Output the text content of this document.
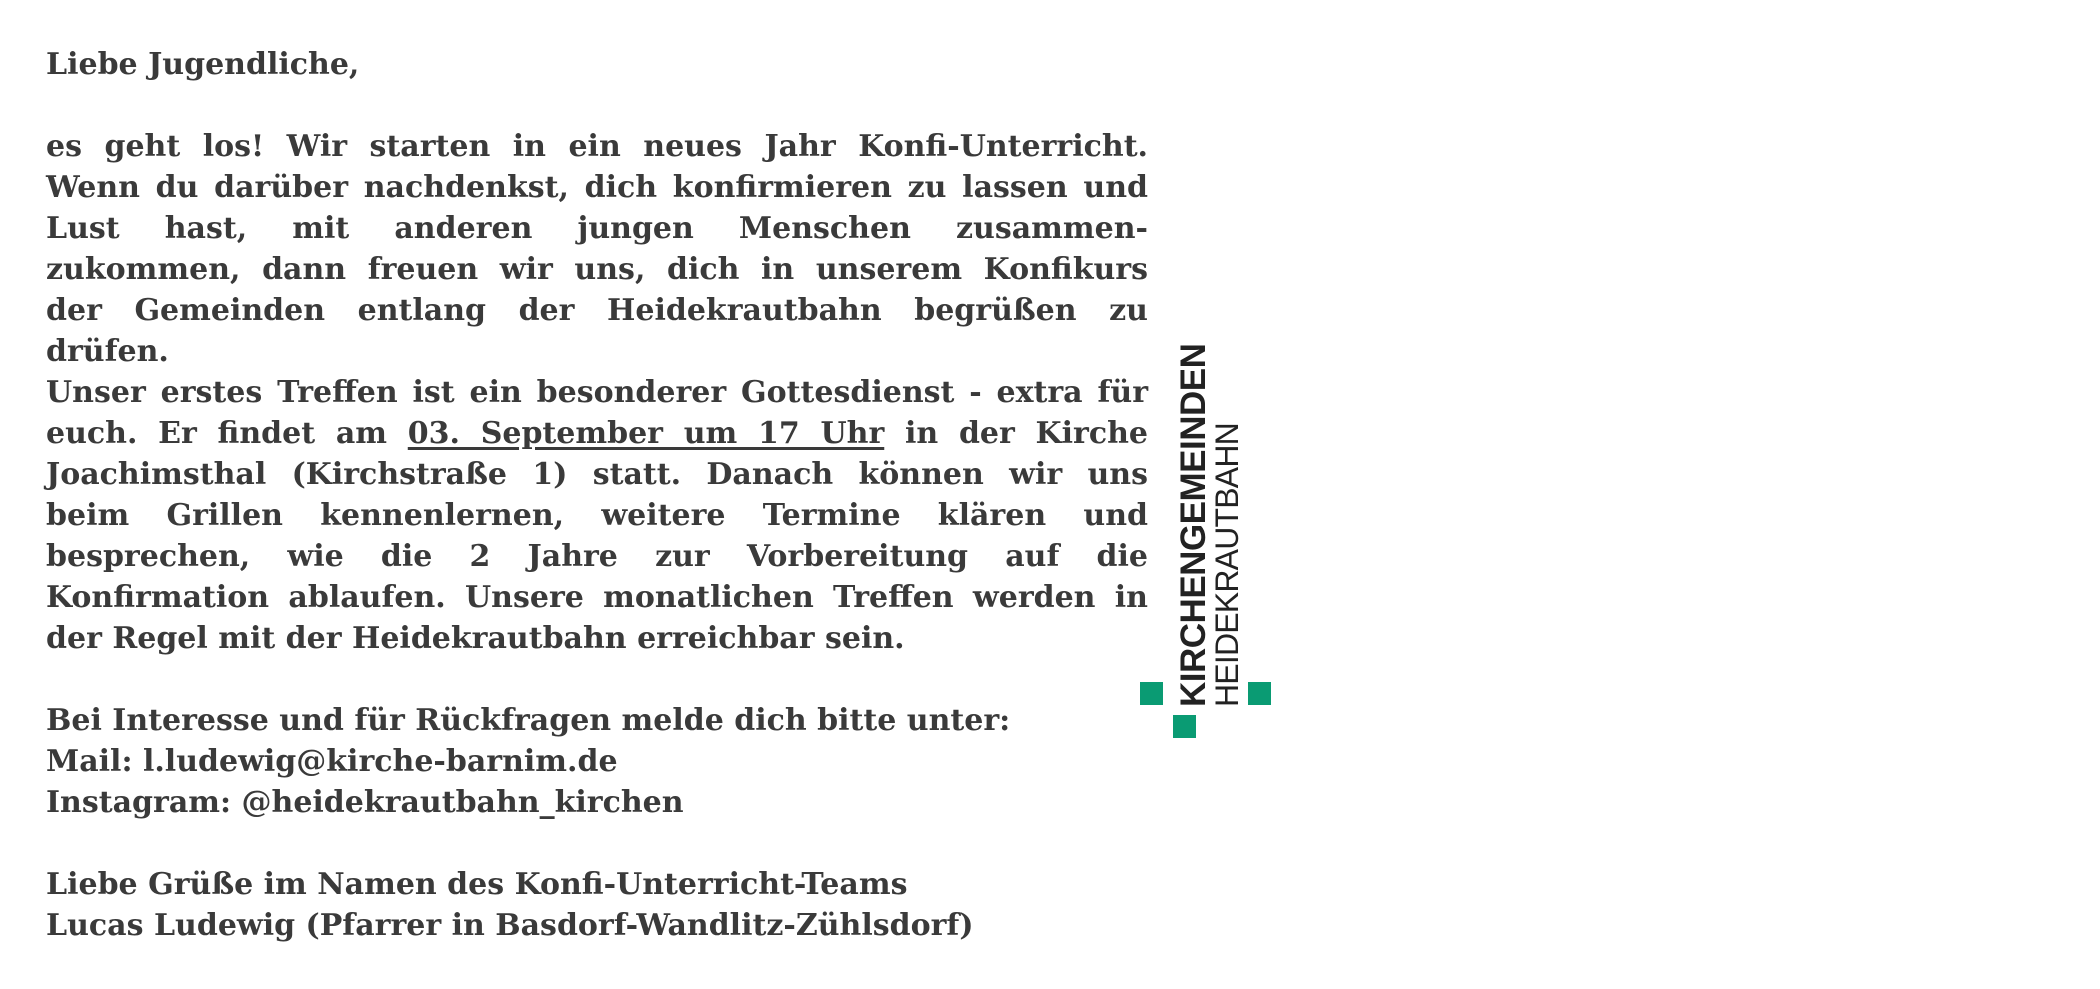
Liebe Jugendliche,
es geht los! Wir starten in ein neues Jahr Konfi-Unterricht.
Wenn du darüber nachdenkst, dich konfirmieren zu lassen und
Lust hast, mit anderen jungen Menschen zusammen-
zukommen, dann freuen wir uns, dich in unserem Konfikurs
der Gemeinden entlang der Heidekrautbahn begrüßen zu
drüfen.
Unser erstes Treffen ist ein besonderer Gottesdienst - extra für
euch. Er findet am 03. September um 17 Uhr in der Kirche
Joachimsthal (Kirchstraße 1) statt. Danach können wir uns
beim Grillen kennenlernen, weitere Termine klären und
besprechen, wie die 2 Jahre zur Vorbereitung auf die
Konfirmation ablaufen. Unsere monatlichen Treffen werden in
der Regel mit der Heidekrautbahn erreichbar sein.
Bei Interesse und für Rückfragen melde dich bitte unter:
Mail: l.ludewig@kirche-barnim.de
Instagram: @heidekrautbahn_kirchen
Liebe Grüße im Namen des Konfi-Unterricht-Teams
Lucas Ludewig (Pfarrer in Basdorf-Wandlitz-Zühlsdorf)
KIRCHENGEMEINDEN
HEIDEKRAUTBAHN
